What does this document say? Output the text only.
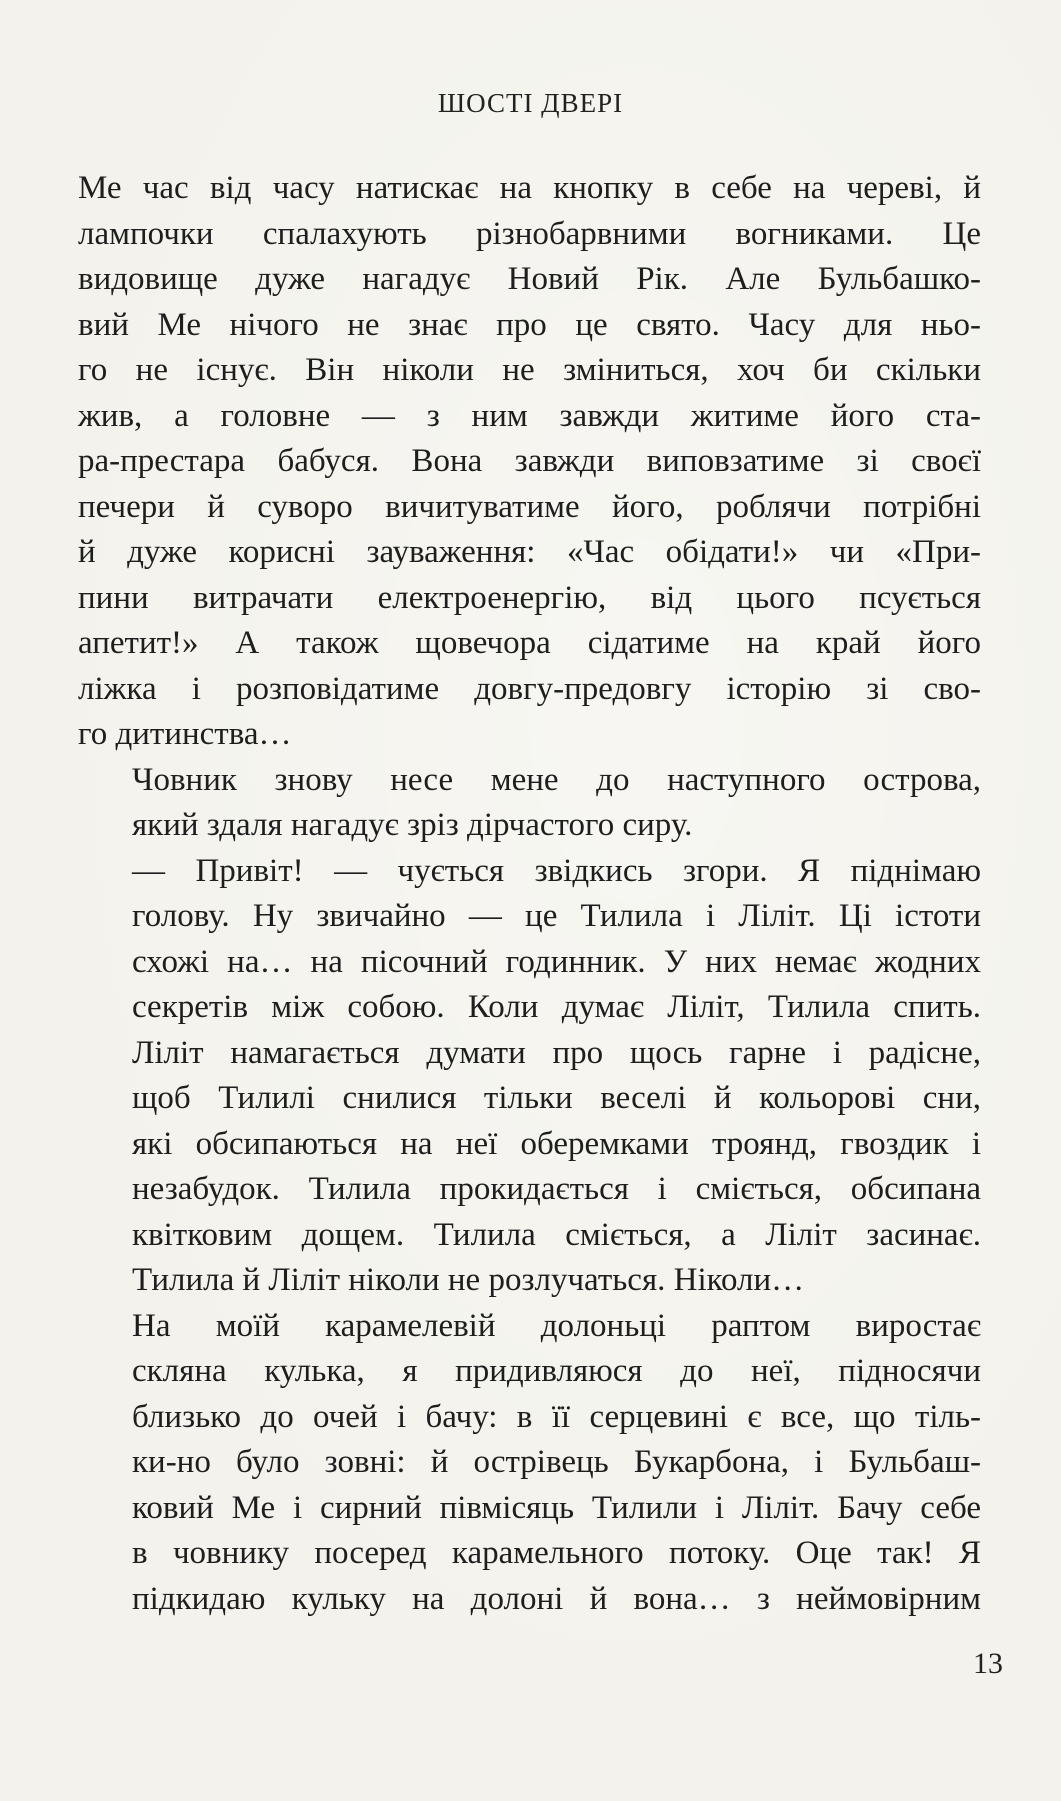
ШОСТІ ДВЕРІ

Ме час від часу натискає на кнопку в себе на череві, й
лампочки спалахують різнобарвними вогниками. Це
видовище дуже нагадує Новий Рік. Але Бульбашко-
вий Ме нічого не знає про це свято. Часу для ньо-
го не існує. Він ніколи не зміниться, хоч би скільки
жив, а головне — з ним завжди житиме його ста-
ра-престара бабуся. Вона завжди виповзатиме зі своєї
печери й суворо вичитуватиме його, роблячи потрібні
й дуже корисні зауваження: «Час обідати!» чи «При-
пини витрачати електроенергію, від цього псується
апетит!» А також щовечора сідатиме на край його
ліжка і розповідатиме довгу-предовгу історію зі сво-
го дитинства…

Човник знову несе мене до наступного острова,
який здаля нагадує зріз дірчастого сиру.

— Привіт! — чується звідкись згори. Я піднімаю
голову. Ну звичайно — це Тилила і Ліліт. Ці істоти
схожі на… на пісочний годинник. У них немає жодних
секретів між собою. Коли думає Ліліт, Тилила спить.
Ліліт намагається думати про щось гарне і радісне,
щоб Тилилі снилися тільки веселі й кольорові сни,
які обсипаються на неї оберемками троянд, гвоздик і
незабудок. Тилила прокидається і сміється, обсипана
квітковим дощем. Тилила сміється, а Ліліт засинає.
Тилила й Ліліт ніколи не розлучаться. Ніколи…

На моїй карамелевій долоньці раптом виростає
скляна кулька, я придивляюся до неї, підносячи
близько до очей і бачу: в її серцевині є все, що тіль-
ки-но було зовні: й острівець Букарбона, і Бульбаш-
ковий Ме і сирний півмісяць Тилили і Ліліт. Бачу себе
в човнику посеред карамельного потоку. Оце так! Я
підкидаю кульку на долоні й вона… з неймовірним

13
